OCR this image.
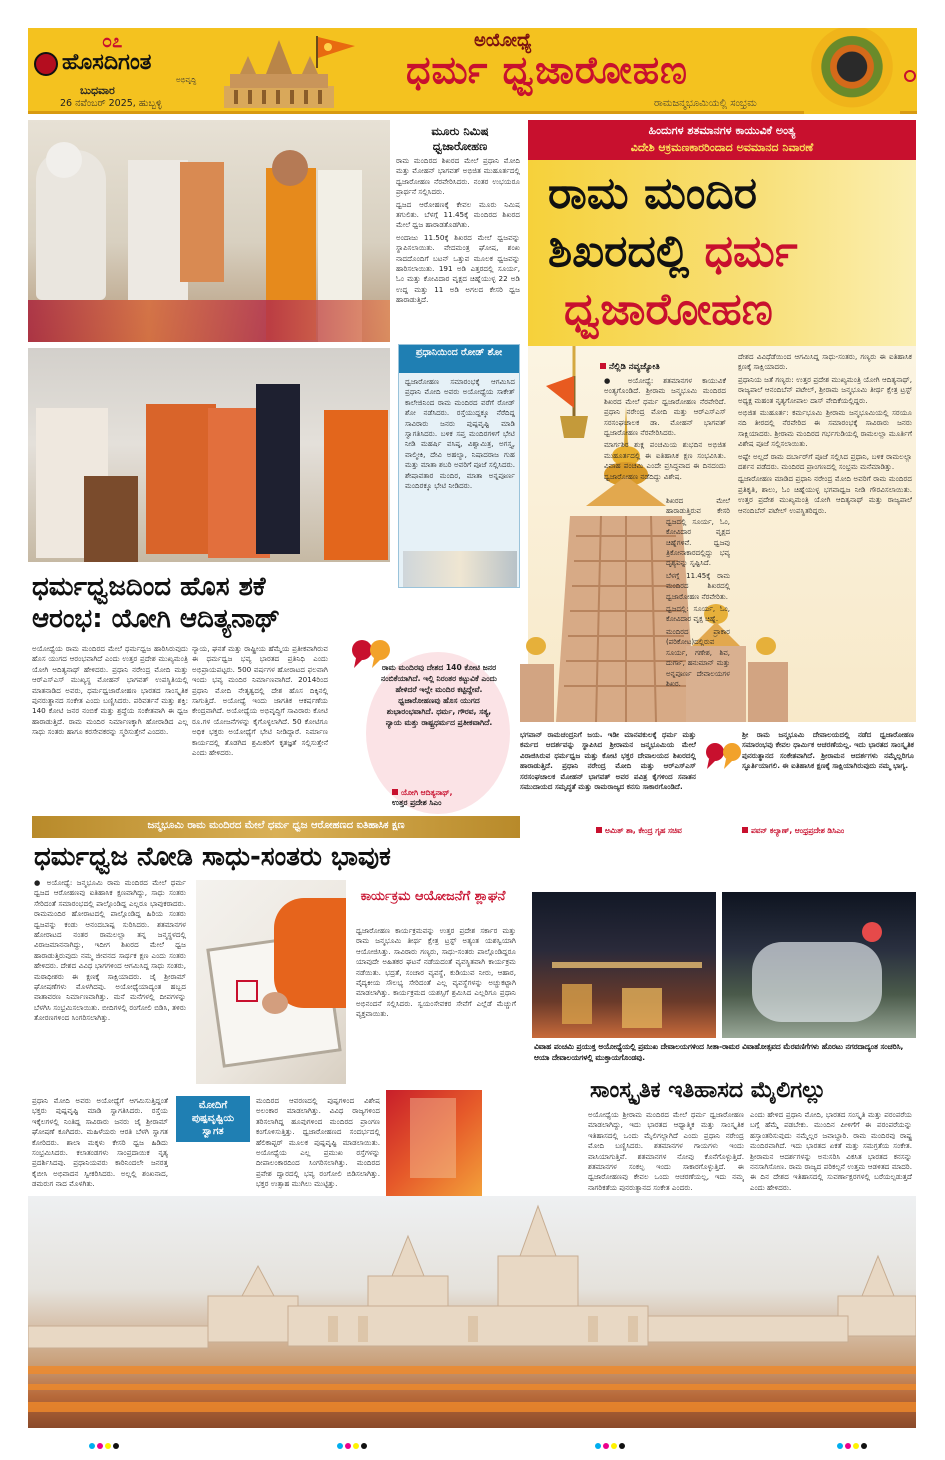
೦೭
ಹೊಸದಿಗಂತ
ಅಭಿವೃದ್ಧಿ
ಬುಧವಾರ
26 ನವೆಂಬರ್ 2025, ಹುಬ್ಬಳ್ಳಿ
ಅಯೋಧ್ಯೆ
ಧರ್ಮ ಧ್ವಜಾರೋಹಣ
ರಾಮಜನ್ಮಭೂಮಿಯಲ್ಲಿ ಸಂಭ್ರಮ
ಮೂರು ನಿಮಿಷ ಧ್ವಜಾರೋಹಣ

ರಾಮ ಮಂದಿರದ ಶಿಖರದ ಮೇಲೆ ಪ್ರಧಾನಿ ಮೋದಿ ಮತ್ತು ಮೋಹನ್ ಭಾಗವತ್ ಅಭಿಜಿತ ಮುಹೂರ್ತದಲ್ಲಿ ಧ್ವಜಾರೋಹಣ ನೆರವೇರಿಸಿದರು. ನಂತರ ಉಭಯರೂ ಪ್ರಾರ್ಥನೆ ಸಲ್ಲಿಸಿದರು.

ಧ್ವಜದ ಆರೋಹಣಕ್ಕೆ ಕೇವಲ ಮೂರು ನಿಮಿಷ ತಗುಲಿತು. ಬೆಳಗ್ಗೆ 11.45ಕ್ಕೆ ಮಂದಿರದ ಶಿಖರದ ಮೇಲೆ ಧ್ವಜ ಹಾರಾಡತೊಡಗಿತು.

ಅಂದಾಜು 11.50ಕ್ಕೆ ಶಿಖರದ ಮೇಲೆ ಧ್ವಜವನ್ನು ಸ್ಥಾಪಿಸಲಾಯಿತು. ವೇದಮಂತ್ರ ಘೋಷ, ಶಂಖ ನಾದದೊಂದಿಗೆ ಬಟನ್ ಒತ್ತುವ ಮೂಲಕ ಧ್ವಜವನ್ನು ಹಾರಿಸಲಾಯಿತು. 191 ಅಡಿ ಎತ್ತರದಲ್ಲಿ ಸೂರ್ಯ, ಓಂ ಮತ್ತು ಕೋವಿದಾರ ವೃಕ್ಷದ ಚಿಹ್ನೆಯುಳ್ಳ 22 ಅಡಿ ಉದ್ದ ಮತ್ತು 11 ಅಡಿ ಅಗಲದ ಕೇಸರಿ ಧ್ವಜ ಹಾರಾಡುತ್ತಿದೆ.

ಪ್ರಧಾನಿಯಿಂದ ರೋಡ್ ಶೋ
ಧ್ವಜಾರೋಹಣ ಸಮಾರಂಭಕ್ಕೆ ಆಗಮಿಸಿದ ಪ್ರಧಾನಿ ಮೋದಿ ಅವರು ಅಯೋಧ್ಯೆಯ ಸಾಕೇತ್ ಕಾಲೇಜಿನಿಂದ ರಾಮ ಮಂದಿರದ ವರೆಗೆ ರೋಡ್ ಶೋ ನಡೆಸಿದರು. ರಸ್ತೆಯುದ್ದಕ್ಕೂ ನೆರೆದಿದ್ದ ಸಾವಿರಾರು ಜನರು ಪುಷ್ಪವೃಷ್ಟಿ ಮಾಡಿ ಸ್ವಾಗತಿಸಿದರು. ಬಳಿಕ ಸಪ್ತ ಮಂದಿರಗಳಿಗೆ ಭೇಟಿ ನೀಡಿ ಮಹರ್ಷಿ ವಸಿಷ್ಠ, ವಿಶ್ವಾಮಿತ್ರ, ಅಗಸ್ತ್ಯ, ವಾಲ್ಮೀಕಿ, ದೇವಿ ಅಹಲ್ಯಾ, ನಿಷಾದರಾಜ ಗುಹ ಮತ್ತು ಮಾತಾ ಶಬರಿ ಅವರಿಗೆ ಪೂಜೆ ಸಲ್ಲಿಸಿದರು. ಶೇಷಾವತಾರ ಮಂದಿರ, ಮಾತಾ ಅನ್ನಪೂರ್ಣ ಮಂದಿರಕ್ಕೂ ಭೇಟಿ ನೀಡಿದರು.
ಹಿಂದುಗಳ ಶತಮಾನಗಳ ಕಾಯುವಿಕೆ ಅಂತ್ಯ
ವಿದೇಶಿ ಆಕ್ರಮಣಕಾರರಿಂದಾದ ಅವಮಾನದ ನಿವಾರಣೆ
ರಾಮ ಮಂದಿರ
ಶಿಖರದಲ್ಲಿ ಧರ್ಮ
ಧ್ವಜಾರೋಹಣ
ನೆಲ್ಲಿಡಿ ನವ್ಯಜ್ಯೋತಿ

● ಅಯೋಧ್ಯೆ: ಶತಮಾನಗಳ ಕಾಯುವಿಕೆ ಅಂತ್ಯಗೊಂಡಿದೆ. ಶ್ರೀರಾಮ ಜನ್ಮಭೂಮಿ ಮಂದಿರದ ಶಿಖರದ ಮೇಲೆ ಧರ್ಮ ಧ್ವಜಾರೋಹಣ ನೆರವೇರಿದೆ. ಪ್ರಧಾನಿ ನರೇಂದ್ರ ಮೋದಿ ಮತ್ತು ಆರ್‌ಎಸ್‌ಎಸ್ ಸರಸಂಘಚಾಲಕ ಡಾ. ಮೋಹನ್ ಭಾಗವತ್ ಧ್ವಜಾರೋಹಣ ನೆರವೇರಿಸಿದರು.

ಮಾರ್ಗಶಿರ ಶುಕ್ಲ ಪಂಚಮಿಯ ಶುಭದಿನ ಅಭಿಜಿತ ಮುಹೂರ್ತದಲ್ಲಿ ಈ ಐತಿಹಾಸಿಕ ಕ್ಷಣ ಸಂಭವಿಸಿತು. ವಿವಾಹ ಪಂಚಮಿ ಎಂದೇ ಪ್ರಸಿದ್ಧವಾದ ಈ ದಿನದಂದು ಧ್ವಜಾರೋಹಣ ನಡೆದಿದ್ದು ವಿಶೇಷ.

ಶಿಖರದ ಮೇಲೆ ಹಾರಾಡುತ್ತಿರುವ ಕೇಸರಿ ಧ್ವಜದಲ್ಲಿ ಸೂರ್ಯ, ಓಂ, ಕೋವಿದಾರ ವೃಕ್ಷದ ಚಿಹ್ನೆಗಳಿವೆ. ಧ್ವಜವು ತ್ರಿಕೋನಾಕಾರದಲ್ಲಿದ್ದು ಭವ್ಯ ದೃಶ್ಯವನ್ನು ಸೃಷ್ಟಿಸಿದೆ.

ಬೆಳಗ್ಗೆ 11.45ಕ್ಕೆ ರಾಮ ಮಂದಿರದ ಶಿಖರದಲ್ಲಿ ಧ್ವಜಾರೋಹಣ ನೆರವೇರಿತು.

ಧ್ವಜದಲ್ಲಿ: ಸೂರ್ಯ, ಓಂ, ಕೋವಿದಾರ ವೃಕ್ಷ ಚಿಹ್ನೆ.

ಮಂದಿರದ ಪ್ರಾಕಾರ (ಪರಿಕೋಟ)ದಲ್ಲಿರುವ ಸೂರ್ಯ, ಗಣೇಶ, ಶಿವ, ದುರ್ಗಾ, ಹನುಮಾನ್ ಮತ್ತು ಅನ್ನಪೂರ್ಣ ದೇವಾಲಯಗಳ ಶಿಖರ.

ದೇಶದ ವಿವಿಧೆಡೆಯಿಂದ ಆಗಮಿಸಿದ್ದ ಸಾಧು-ಸಂತರು, ಗಣ್ಯರು ಈ ಐತಿಹಾಸಿಕ ಕ್ಷಣಕ್ಕೆ ಸಾಕ್ಷಿಯಾದರು.

ಪ್ರಧಾನಿಯ ಜತೆ ಗಣ್ಯರು: ಉತ್ತರ ಪ್ರದೇಶ ಮುಖ್ಯಮಂತ್ರಿ ಯೋಗಿ ಆದಿತ್ಯನಾಥ್, ರಾಜ್ಯಪಾಲೆ ಆನಂದಿಬೆನ್ ಪಟೇಲ್, ಶ್ರೀರಾಮ ಜನ್ಮಭೂಮಿ ತೀರ್ಥ ಕ್ಷೇತ್ರ ಟ್ರಸ್ಟ್ ಅಧ್ಯಕ್ಷ ಮಹಂತ ನೃತ್ಯಗೋಪಾಲ ದಾಸ್ ವೇದಿಕೆಯಲ್ಲಿದ್ದರು.

ಅಭಿಜಿತ ಮುಹೂರ್ತ: ಕರ್ಮಭೂಮಿ ಶ್ರೀರಾಮ ಜನ್ಮಭೂಮಿಯಲ್ಲಿ ಸರಯೂ ನದಿ ತೀರದಲ್ಲಿ ನೆರವೇರಿದ ಈ ಸಮಾರಂಭಕ್ಕೆ ಸಾವಿರಾರು ಜನರು ಸಾಕ್ಷಿಯಾದರು. ಶ್ರೀರಾಮ ಮಂದಿರದ ಗರ್ಭಗುಡಿಯಲ್ಲಿ ರಾಮಲಲ್ಲಾ ಮೂರ್ತಿಗೆ ವಿಶೇಷ ಪೂಜೆ ಸಲ್ಲಿಸಲಾಯಿತು.

ಅಷ್ಟೇ ಅಲ್ಲದೆ ರಾಮ ದರ್ಬಾರ್‌ಗೆ ಪೂಜೆ ಸಲ್ಲಿಸಿದ ಪ್ರಧಾನಿ, ಬಳಿಕ ರಾಮಲಲ್ಲಾ ದರ್ಶನ ಪಡೆದರು. ಮಂದಿರದ ಪ್ರಾಂಗಣದಲ್ಲಿ ಸಂಭ್ರಮ ಮನೆಮಾಡಿತ್ತು.

ಧ್ವಜಾರೋಹಣ ಮಾಡಿದ ಪ್ರಧಾನಿ ನರೇಂದ್ರ ಮೋದಿ ಅವರಿಗೆ ರಾಮ ಮಂದಿರದ ಪ್ರತಿಕೃತಿ, ಶಾಲು, ಓಂ ಚಿಹ್ನೆಯುಳ್ಳ ಭಗವಾಧ್ವಜ ನೀಡಿ ಗೌರವಿಸಲಾಯಿತು. ಉತ್ತರ ಪ್ರದೇಶ ಮುಖ್ಯಮಂತ್ರಿ ಯೋಗಿ ಆದಿತ್ಯನಾಥ್ ಮತ್ತು ರಾಜ್ಯಪಾಲೆ ಆನಂದಿಬೆನ್ ಪಟೇಲ್ ಉಪಸ್ಥಿತರಿದ್ದರು.

ಧರ್ಮಧ್ವಜದಿಂದ ಹೊಸ ಶಕೆ
ಆರಂಭ: ಯೋಗಿ ಆದಿತ್ಯನಾಥ್
ಅಯೋಧ್ಯೆಯ ರಾಮ ಮಂದಿರದ ಮೇಲೆ ಧರ್ಮಧ್ವಜ ಹಾರಿಸಿರುವುದು ಹೊಸ ಯುಗದ ಆರಂಭವಾಗಿದೆ ಎಂದು ಉತ್ತರ ಪ್ರದೇಶ ಮುಖ್ಯಮಂತ್ರಿ ಯೋಗಿ ಆದಿತ್ಯನಾಥ್ ಹೇಳಿದರು. ಪ್ರಧಾನಿ ನರೇಂದ್ರ ಮೋದಿ ಮತ್ತು ಆರ್‌ಎಸ್‌ಎಸ್ ಮುಖ್ಯಸ್ಥ ಮೋಹನ್ ಭಾಗವತ್ ಉಪಸ್ಥಿತಿಯಲ್ಲಿ ಮಾತನಾಡಿದ ಅವರು, ಧರ್ಮಧ್ವಜಾರೋಹಣ ಭಾರತದ ಸಾಂಸ್ಕೃತಿಕ ಪುನರುತ್ಥಾನದ ಸಂಕೇತ ಎಂದು ಬಣ್ಣಿಸಿದರು. ಪರಿವರ್ತನೆ ಮತ್ತು ಶಕ್ತಿ: 140 ಕೋಟಿ ಜನರ ನಂಬಿಕೆ ಮತ್ತು ಶ್ರದ್ಧೆಯ ಸಂಕೇತವಾಗಿ ಈ ಧ್ವಜ ಹಾರಾಡುತ್ತಿದೆ. ರಾಮ ಮಂದಿರ ನಿರ್ಮಾಣಕ್ಕಾಗಿ ಹೋರಾಡಿದ ಎಲ್ಲ ಸಾಧು ಸಂತರು ಹಾಗೂ ಕರಸೇವಕರನ್ನು ಸ್ಮರಿಸುತ್ತೇನೆ ಎಂದರು.
ನ್ಯಾಯ, ಘನತೆ ಮತ್ತು ರಾಷ್ಟ್ರೀಯ ಹೆಮ್ಮೆಯ ಪ್ರತೀಕವಾಗಿರುವ ಈ ಧರ್ಮಧ್ವಜ ಭವ್ಯ ಭಾರತದ ಪ್ರತಿನಿಧಿ ಎಂದು ಅಭಿಪ್ರಾಯಪಟ್ಟರು. 500 ವರ್ಷಗಳ ಹೋರಾಟದ ಫಲವಾಗಿ ಇಂದು ಭವ್ಯ ಮಂದಿರ ನಿರ್ಮಾಣವಾಗಿದೆ. 2014ರಿಂದ ಪ್ರಧಾನಿ ಮೋದಿ ನೇತೃತ್ವದಲ್ಲಿ ದೇಶ ಹೊಸ ದಿಕ್ಕಿನಲ್ಲಿ ಸಾಗುತ್ತಿದೆ. ಅಯೋಧ್ಯೆ ಇಂದು ಜಾಗತಿಕ ಆಕರ್ಷಣೆಯ ಕೇಂದ್ರವಾಗಿದೆ. ಅಯೋಧ್ಯೆಯ ಅಭಿವೃದ್ಧಿಗೆ ಸಾವಿರಾರು ಕೋಟಿ ರೂ.ಗಳ ಯೋಜನೆಗಳನ್ನು ಕೈಗೊಳ್ಳಲಾಗಿದೆ. 50 ಕೋಟಿಗೂ ಅಧಿಕ ಭಕ್ತರು ಅಯೋಧ್ಯೆಗೆ ಭೇಟಿ ನೀಡಿದ್ದಾರೆ. ನಿರ್ಮಾಣ ಕಾರ್ಯದಲ್ಲಿ ತೊಡಗಿದ ಶ್ರಮಿಕರಿಗೆ ಕೃತಜ್ಞತೆ ಸಲ್ಲಿಸುತ್ತೇನೆ ಎಂದು ಹೇಳಿದರು.
ರಾಮ ಮಂದಿರವು ದೇಶದ 140 ಕೋಟಿ ಜನರ ನಂಬಿಕೆಯಾಗಿದೆ. ಇಲ್ಲಿ ನಿರಂತರ ಕಟ್ಟುವಿಕೆ ಎಂದು ಹೇಳಿದರೆ ಇಲ್ಲೇ ಮಂದಿರ ಕಟ್ಟಿದ್ದೇವೆ. ಧ್ವಜಾರೋಹಣವು ಹೊಸ ಯುಗದ ಶುಭಾರಂಭವಾಗಿದೆ. ಧರ್ಮ, ಗೌರವ, ಸತ್ಯ, ನ್ಯಾಯ ಮತ್ತು ರಾಷ್ಟ್ರಧರ್ಮದ ಪ್ರತೀಕವಾಗಿದೆ.
ಯೋಗಿ ಆದಿತ್ಯನಾಥ್,
ಉತ್ತರ ಪ್ರದೇಶ ಸಿಎಂ
ಭಗವಾನ್ ರಾಮಚಂದ್ರನಿಗೆ ಜಯ. ಇಡೀ ಮಾನವಕುಲಕ್ಕೆ ಧರ್ಮ ಮತ್ತು ಕರ್ಮದ ಆದರ್ಶವನ್ನು ಸ್ಥಾಪಿಸಿದ ಶ್ರೀರಾಮನ ಜನ್ಮಭೂಮಿಯ ಮೇಲೆ ವಿರಾಜಿಸಿರುವ ಧರ್ಮಧ್ವಜ ಮತ್ತು ಕೋಟಿ ಭಕ್ತರ ದೇವಾಲಯದ ಶಿಖರದಲ್ಲಿ ಹಾರಾಡುತ್ತಿದೆ. ಪ್ರಧಾನಿ ನರೇಂದ್ರ ಮೋದಿ ಮತ್ತು ಆರ್‌ಎಸ್‌ಎಸ್ ಸರಸಂಘಚಾಲಕ ಮೋಹನ್ ಭಾಗವತ್ ಅವರ ಪವಿತ್ರ ಕೈಗಳಿಂದ ಸನಾತನ ಸಮುದಾಯದ ಸಮೃದ್ಧತೆ ಮತ್ತು ರಾಮರಾಜ್ಯದ ಕನಸು ಸಾಕಾರಗೊಂಡಿದೆ.
ಅಮಿತ್ ಶಾ, ಕೇಂದ್ರ ಗೃಹ ಸಚಿವ
ಶ್ರೀ ರಾಮ ಜನ್ಮಭೂಮಿ ದೇವಾಲಯದಲ್ಲಿ ನಡೆದ ಧ್ವಜಾರೋಹಣ ಸಮಾರಂಭವು ಕೇವಲ ಧಾರ್ಮಿಕ ಆಚರಣೆಯಲ್ಲ. ಇದು ಭಾರತದ ಸಾಂಸ್ಕೃತಿಕ ಪುನರುತ್ಥಾನದ ಸಂಕೇತವಾಗಿದೆ. ಶ್ರೀರಾಮನ ಆದರ್ಶಗಳು ನಮ್ಮೆಲ್ಲರಿಗೂ ಸ್ಫೂರ್ತಿಯಾಗಲಿ. ಈ ಐತಿಹಾಸಿಕ ಕ್ಷಣಕ್ಕೆ ಸಾಕ್ಷಿಯಾಗಿರುವುದು ನಮ್ಮ ಭಾಗ್ಯ.
ಪವನ್ ಕಲ್ಯಾಣ್, ಆಂಧ್ರಪ್ರದೇಶ ಡಿಸಿಎಂ
ಜನ್ಮಭೂಮಿ ರಾಮ ಮಂದಿರದ ಮೇಲೆ ಧರ್ಮ ಧ್ವಜ ಆರೋಹಣದ ಐತಿಹಾಸಿಕ ಕ್ಷಣ
ಧರ್ಮಧ್ವಜ ನೋಡಿ ಸಾಧು-ಸಂತರು ಭಾವುಕ
● ಅಯೋಧ್ಯೆ: ಜನ್ಮಭೂಮಿ ರಾಮ ಮಂದಿರದ ಮೇಲೆ ಧರ್ಮ ಧ್ವಜದ ಆರೋಹಣವು ಐತಿಹಾಸಿಕ ಕ್ಷಣವಾಗಿದ್ದು, ಸಾಧು ಸಂತರು ಸೇರಿದಂತೆ ಸಮಾರಂಭದಲ್ಲಿ ಪಾಲ್ಗೊಂಡಿದ್ದ ಎಲ್ಲರೂ ಭಾವುಕರಾದರು. ರಾಮಮಂದಿರ ಹೋರಾಟದಲ್ಲಿ ಪಾಲ್ಗೊಂಡಿದ್ದ ಹಿರಿಯ ಸಂತರು ಧ್ವಜವನ್ನು ಕಂಡು ಆನಂದಬಾಷ್ಪ ಸುರಿಸಿದರು. ಶತಮಾನಗಳ ಹೋರಾಟದ ನಂತರ ರಾಮಲಲ್ಲಾ ತನ್ನ ಜನ್ಮಸ್ಥಳದಲ್ಲಿ ವಿರಾಜಮಾನನಾಗಿದ್ದು, ಇದೀಗ ಶಿಖರದ ಮೇಲೆ ಧ್ವಜ ಹಾರಾಡುತ್ತಿರುವುದು ನಮ್ಮ ಜೀವನದ ಸಾರ್ಥಕ ಕ್ಷಣ ಎಂದು ಸಂತರು ಹೇಳಿದರು. ದೇಶದ ವಿವಿಧ ಭಾಗಗಳಿಂದ ಆಗಮಿಸಿದ್ದ ಸಾಧು ಸಂತರು, ಮಠಾಧೀಶರು ಈ ಕ್ಷಣಕ್ಕೆ ಸಾಕ್ಷಿಯಾದರು. ಜೈ ಶ್ರೀರಾಮ್ ಘೋಷಣೆಗಳು ಮೊಳಗಿದವು. ಅಯೋಧ್ಯೆಯಾದ್ಯಂತ ಹಬ್ಬದ ವಾತಾವರಣ ನಿರ್ಮಾಣವಾಗಿತ್ತು. ಮನೆ ಮನೆಗಳಲ್ಲಿ ದೀಪಗಳನ್ನು ಬೆಳಗಿಸಿ ಸಂಭ್ರಮಿಸಲಾಯಿತು. ಬೀದಿಗಳಲ್ಲಿ ರಂಗೋಲಿ ಬಿಡಿಸಿ, ತಳಿರು ತೋರಣಗಳಿಂದ ಸಿಂಗರಿಸಲಾಗಿತ್ತು.
ಕಾರ್ಯಕ್ರಮ ಆಯೋಜನೆಗೆ ಶ್ಲಾಘನೆ
ಧ್ವಜಾರೋಹಣ ಕಾರ್ಯಕ್ರಮವನ್ನು ಉತ್ತರ ಪ್ರದೇಶ ಸರ್ಕಾರ ಮತ್ತು ರಾಮ ಜನ್ಮಭೂಮಿ ತೀರ್ಥ ಕ್ಷೇತ್ರ ಟ್ರಸ್ಟ್ ಅತ್ಯಂತ ಯಶಸ್ವಿಯಾಗಿ ಆಯೋಜಿಸಿತ್ತು. ಸಾವಿರಾರು ಗಣ್ಯರು, ಸಾಧು-ಸಂತರು ಪಾಲ್ಗೊಂಡಿದ್ದರೂ ಯಾವುದೇ ಅಹಿತಕರ ಘಟನೆ ನಡೆಯದಂತೆ ವ್ಯವಸ್ಥಿತವಾಗಿ ಕಾರ್ಯಕ್ರಮ ನಡೆಯಿತು. ಭದ್ರತೆ, ಸಂಚಾರ ವ್ಯವಸ್ಥೆ, ಕುಡಿಯುವ ನೀರು, ಆಹಾರ, ವೈದ್ಯಕೀಯ ಸೌಲಭ್ಯ ಸೇರಿದಂತೆ ಎಲ್ಲ ವ್ಯವಸ್ಥೆಗಳನ್ನು ಅಚ್ಚುಕಟ್ಟಾಗಿ ಮಾಡಲಾಗಿತ್ತು. ಕಾರ್ಯಕ್ರಮದ ಯಶಸ್ಸಿಗೆ ಶ್ರಮಿಸಿದ ಎಲ್ಲರಿಗೂ ಪ್ರಧಾನಿ ಅಭಿನಂದನೆ ಸಲ್ಲಿಸಿದರು. ಸ್ವಯಂಸೇವಕರ ಸೇವೆಗೆ ಎಲ್ಲೆಡೆ ಮೆಚ್ಚುಗೆ ವ್ಯಕ್ತವಾಯಿತು.
ವಿವಾಹ ಪಂಚಮಿ ಪ್ರಯುಕ್ತ ಅಯೋಧ್ಯೆಯಲ್ಲಿ ಪ್ರಮುಖ ದೇವಾಲಯಗಳಿಂದ ಸೀತಾ-ರಾಮರ ವಿವಾಹೋತ್ಸವದ ಮೆರವಣಿಗೆಗಳು ಹೊರಟು ನಗರದಾದ್ಯಂತ ಸಂಚರಿಸಿ, ಆಯಾ ದೇವಾಲಯಗಳಲ್ಲಿ ಮುಕ್ತಾಯಗೊಂಡವು.
ಪ್ರಧಾನಿ ಮೋದಿ ಅವರು ಅಯೋಧ್ಯೆಗೆ ಆಗಮಿಸುತ್ತಿದ್ದಂತೆ ಭಕ್ತರು ಪುಷ್ಪವೃಷ್ಟಿ ಮಾಡಿ ಸ್ವಾಗತಿಸಿದರು. ರಸ್ತೆಯ ಇಕ್ಕೆಲಗಳಲ್ಲಿ ನಿಂತಿದ್ದ ಸಾವಿರಾರು ಜನರು ಜೈ ಶ್ರೀರಾಮ್ ಘೋಷಣೆ ಕೂಗಿದರು. ಮಹಿಳೆಯರು ಆರತಿ ಬೆಳಗಿ ಸ್ವಾಗತ ಕೋರಿದರು. ಶಾಲಾ ಮಕ್ಕಳು ಕೇಸರಿ ಧ್ವಜ ಹಿಡಿದು ಸಂಭ್ರಮಿಸಿದರು. ಕಲಾತಂಡಗಳು ಸಾಂಪ್ರದಾಯಿಕ ನೃತ್ಯ ಪ್ರದರ್ಶಿಸಿದವು. ಪ್ರಧಾನಿಯವರು ಕಾರಿನಿಂದಲೇ ಜನರತ್ತ ಕೈಬೀಸಿ ಅಭಿವಾದನ ಸ್ವೀಕರಿಸಿದರು. ಅಲ್ಲಲ್ಲಿ ಶಂಖನಾದ, ಡಮರುಗ ನಾದ ಮೊಳಗಿತು.
ಮೋದಿಗೆ ಪುಷ್ಪವೃಷ್ಟಿಯ ಸ್ವಾಗತ
ಮಂದಿರದ ಆವರಣದಲ್ಲಿ ಪುಷ್ಪಗಳಿಂದ ವಿಶೇಷ ಅಲಂಕಾರ ಮಾಡಲಾಗಿತ್ತು. ವಿವಿಧ ರಾಜ್ಯಗಳಿಂದ ತರಿಸಲಾಗಿದ್ದ ಹೂವುಗಳಿಂದ ಮಂದಿರದ ಪ್ರಾಂಗಣ ಕಂಗೊಳಿಸುತ್ತಿತ್ತು. ಧ್ವಜಾರೋಹಣದ ಸಂದರ್ಭದಲ್ಲಿ ಹೆಲಿಕಾಪ್ಟರ್ ಮೂಲಕ ಪುಷ್ಪವೃಷ್ಟಿ ಮಾಡಲಾಯಿತು. ಅಯೋಧ್ಯೆಯ ಎಲ್ಲ ಪ್ರಮುಖ ರಸ್ತೆಗಳನ್ನು ದೀಪಾಲಂಕಾರದಿಂದ ಸಿಂಗರಿಸಲಾಗಿತ್ತು. ಮಂದಿರದ ಪ್ರವೇಶ ದ್ವಾರದಲ್ಲಿ ಭವ್ಯ ರಂಗೋಲಿ ಬಿಡಿಸಲಾಗಿತ್ತು. ಭಕ್ತರ ಉತ್ಸಾಹ ಮುಗಿಲು ಮುಟ್ಟಿತ್ತು.
ಸಾಂಸ್ಕೃತಿಕ ಇತಿಹಾಸದ ಮೈಲಿಗಲ್ಲು
ಅಯೋಧ್ಯೆಯ ಶ್ರೀರಾಮ ಮಂದಿರದ ಮೇಲೆ ಧರ್ಮ ಧ್ವಜಾರೋಹಣ ಮಾಡಲಾಗಿದ್ದು, ಇದು ಭಾರತದ ಆಧ್ಯಾತ್ಮಿಕ ಮತ್ತು ಸಾಂಸ್ಕೃತಿಕ ಇತಿಹಾಸದಲ್ಲಿ ಒಂದು ಮೈಲಿಗಲ್ಲಾಗಿದೆ ಎಂದು ಪ್ರಧಾನಿ ನರೇಂದ್ರ ಮೋದಿ ಬಣ್ಣಿಸಿದರು. ಶತಮಾನಗಳ ಗಾಯಗಳು ಇಂದು ವಾಸಿಯಾಗುತ್ತಿವೆ. ಶತಮಾನಗಳ ನೋವು ಕೊನೆಗೊಳ್ಳುತ್ತಿದೆ. ಶತಮಾನಗಳ ಸಂಕಲ್ಪ ಇಂದು ಸಾಕಾರಗೊಳ್ಳುತ್ತಿದೆ. ಈ ಧ್ವಜಾರೋಹಣವು ಕೇವಲ ಒಂದು ಆಚರಣೆಯಲ್ಲ, ಇದು ನಮ್ಮ ನಾಗರಿಕತೆಯ ಪುನರುತ್ಥಾನದ ಸಂಕೇತ ಎಂದರು.
ಎಂದು ಹೇಳಿದ ಪ್ರಧಾನಿ ಮೋದಿ, ಭಾರತದ ಸಂಸ್ಕೃತಿ ಮತ್ತು ಪರಂಪರೆಯ ಬಗ್ಗೆ ಹೆಮ್ಮೆ ಪಡಬೇಕು. ಮುಂದಿನ ಪೀಳಿಗೆಗೆ ಈ ಪರಂಪರೆಯನ್ನು ಹಸ್ತಾಂತರಿಸುವುದು ನಮ್ಮೆಲ್ಲರ ಜವಾಬ್ದಾರಿ. ರಾಮ ಮಂದಿರವು ರಾಷ್ಟ್ರ ಮಂದಿರವಾಗಿದೆ. ಇದು ಭಾರತದ ಏಕತೆ ಮತ್ತು ಸಮಗ್ರತೆಯ ಸಂಕೇತ. ಶ್ರೀರಾಮನ ಆದರ್ಶಗಳನ್ನು ಅನುಸರಿಸಿ ವಿಕಸಿತ ಭಾರತದ ಕನಸನ್ನು ನನಸಾಗಿಸೋಣ. ರಾಮ ರಾಜ್ಯದ ಪರಿಕಲ್ಪನೆ ಉತ್ತಮ ಆಡಳಿತದ ಮಾದರಿ. ಈ ದಿನ ದೇಶದ ಇತಿಹಾಸದಲ್ಲಿ ಸುವರ್ಣಾಕ್ಷರಗಳಲ್ಲಿ ಬರೆಯಲ್ಪಡುತ್ತದೆ ಎಂದು ಹೇಳಿದರು.
